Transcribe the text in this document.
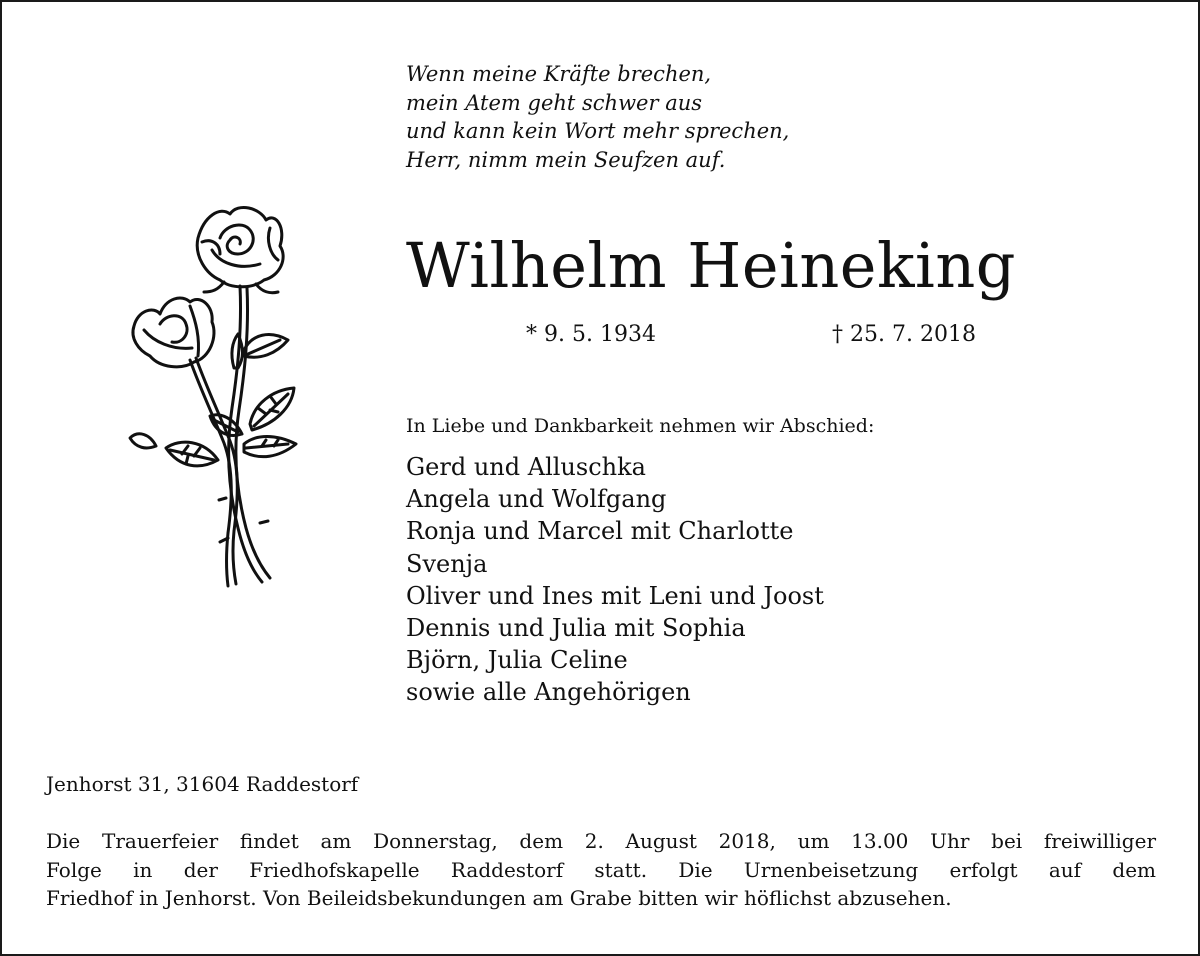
Wenn meine Kräfte brechen,
mein Atem geht schwer aus
und kann kein Wort mehr sprechen,
Herr, nimm mein Seufzen auf.
Wilhelm Heineking
* 9. 5. 1934	† 25. 7. 2018
In Liebe und Dankbarkeit nehmen wir Abschied:
Gerd und Alluschka
Angela und Wolfgang
Ronja und Marcel mit Charlotte
Svenja
Oliver und Ines mit Leni und Joost
Dennis und Julia mit Sophia
Björn, Julia Celine
sowie alle Angehörigen
Jenhorst 31, 31604 Raddestorf
Die Trauerfeier findet am Donnerstag, dem 2. August 2018, um 13.00 Uhr bei freiwilliger
Folge in der Friedhofskapelle Raddestorf statt. Die Urnenbeisetzung erfolgt auf dem
Friedhof in Jenhorst. Von Beileidsbekundungen am Grabe bitten wir höflichst abzusehen.
